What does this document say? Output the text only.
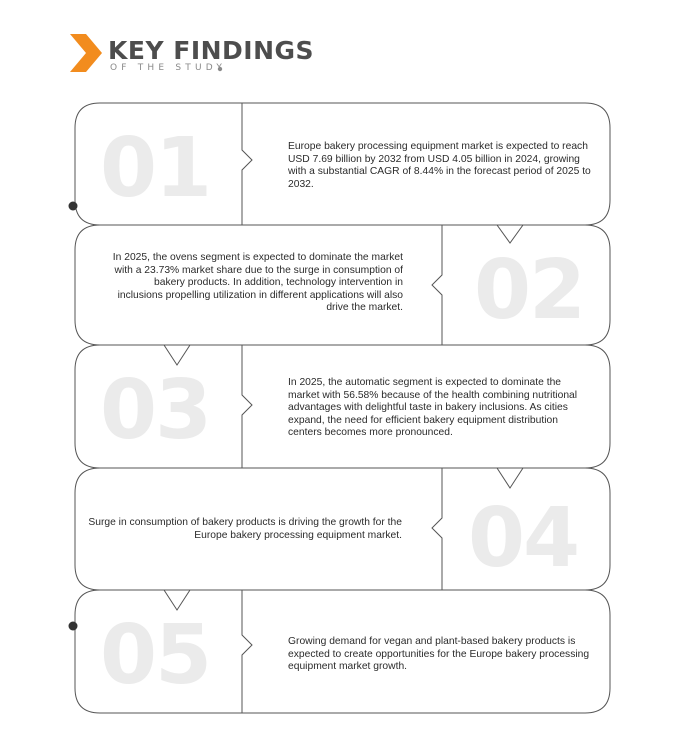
KEY FINDINGS
OF THE STUDY
01
02
03
04
05
Europe bakery processing equipment market is expected to reach USD 7.69 billion by 2032 from USD 4.05 billion in 2024, growing with a substantial CAGR of 8.44% in the forecast period of 2025 to 2032.
In 2025, the ovens segment is expected to dominate the market with a 23.73% market share due to the surge in consumption of bakery products. In addition, technology intervention in inclusions propelling utilization in different applications will also drive the market.
In 2025, the automatic segment is expected to dominate the market with 56.58% because of the health combining nutritional advantages with delightful taste in bakery inclusions. As cities expand, the need for efficient bakery equipment distribution centers becomes more pronounced.
Surge in consumption of bakery products is driving the growth for the Europe bakery processing equipment market.
Growing demand for vegan and plant-based bakery products is expected to create opportunities for the Europe bakery processing equipment market growth.
